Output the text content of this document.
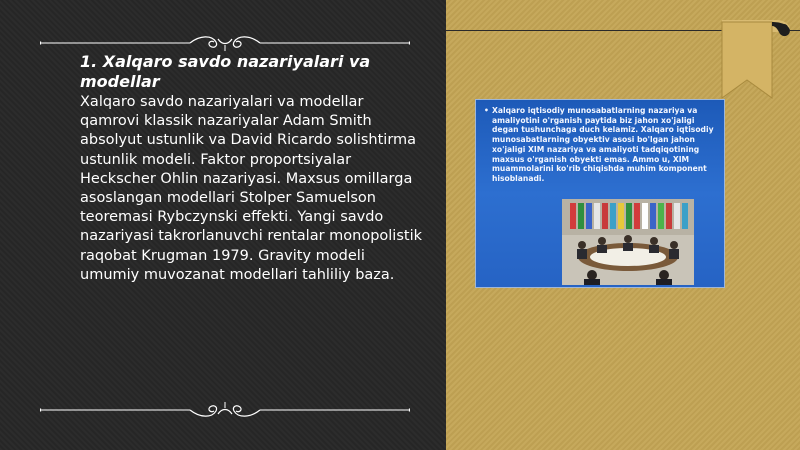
1. Xalqaro savdo nazariyalari va modellar
Xalqaro savdo nazariyalari va modellar qamrovi klassik nazariyalar Adam Smith absolyut ustunlik va David Ricardo solishtirma ustunlik modeli. Faktor proportsiyalar Heckscher Ohlin nazariyasi. Maxsus omillarga asoslangan modellari Stolper Samuelson teoremasi Rybczynski effekti. Yangi savdo nazariyasi takrorlanuvchi rentalar monopolistik raqobat Krugman 1979. Gravity modeli umumiy muvozanat modellari tahliliy baza.
• Xalqaro iqtisodiy munosabatlarning nazariya va amaliyotini o'rganish paytida biz jahon xo'jaligi degan tushunchaga duch kelamiz. Xalqaro iqtisodiy munosabatlarning obyektiv asosi bo'lgan jahon xo'jaligi XIM nazariya va amaliyoti tadqiqotining maxsus o'rganish obyekti emas. Ammo u, XIM muammolarini ko'rib chiqishda muhim komponent hisoblanadi.
